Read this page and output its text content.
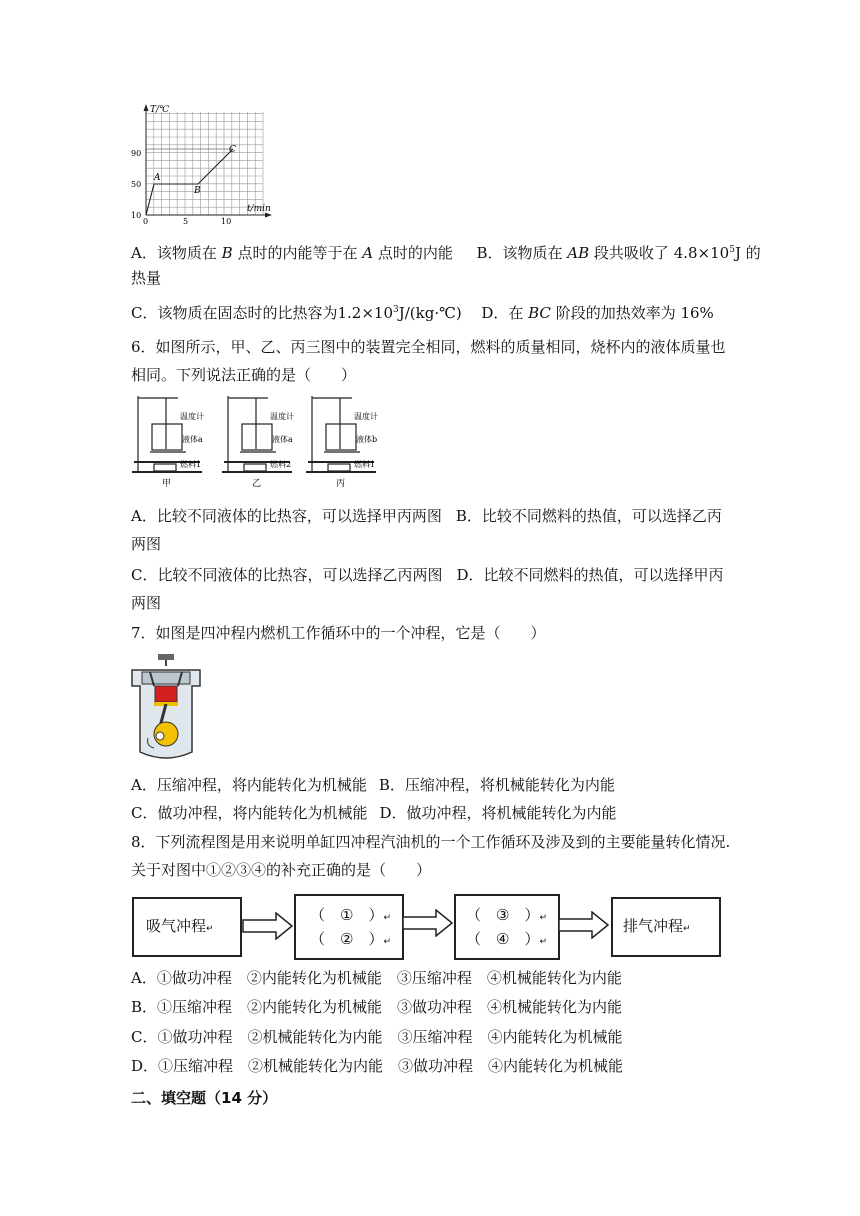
T/℃
t/min
90
50
10
0	5	10
A
B
C
A．该物质在 B 点时的内能等于在 A 点时的内能 B．该物质在 AB 段共吸收了 $4.8\times 10^5J$ 的
热量
C．该物质在固态时的比热容为$1.2\times 10^3J/(kg\cdot℃)$ D．在 BC 阶段的加热效率为 16%
6．如图所示，甲、乙、丙三图中的装置完全相同，燃料的质量相同，烧杯内的液体质量也
相同。下列说法正确的是（　　）
温度计
液体a
燃料1
温度计
液体a
燃料2
温度计
液体b
燃料1
甲	乙	丙
A．比较不同液体的比热容，可以选择甲丙两图 B．比较不同燃料的热值，可以选择乙丙
两图
C．比较不同液体的比热容，可以选择乙丙两图 D．比较不同燃料的热值，可以选择甲丙
两图
7．如图是四冲程内燃机工作循环中的一个冲程，它是（　　）
A．压缩冲程，将内能转化为机械能 B．压缩冲程，将机械能转化为内能
C．做功冲程，将内能转化为机械能 D．做功冲程，将机械能转化为内能
8．下列流程图是用来说明单缸四冲程汽油机的一个工作循环及涉及到的主要能量转化情况.
关于对图中①②③④的补充正确的是（　　）
吸气冲程↵
（　①　）↵
（　②　）↵
（　③　）↵
（　④　）↵
排气冲程↵
A．①做功冲程　②内能转化为机械能　③压缩冲程　④机械能转化为内能
B．①压缩冲程　②内能转化为机械能　③做功冲程　④机械能转化为内能
C．①做功冲程　②机械能转化为内能　③压缩冲程　④内能转化为机械能
D．①压缩冲程　②机械能转化为内能　③做功冲程　④内能转化为机械能
二、填空题（14 分）
